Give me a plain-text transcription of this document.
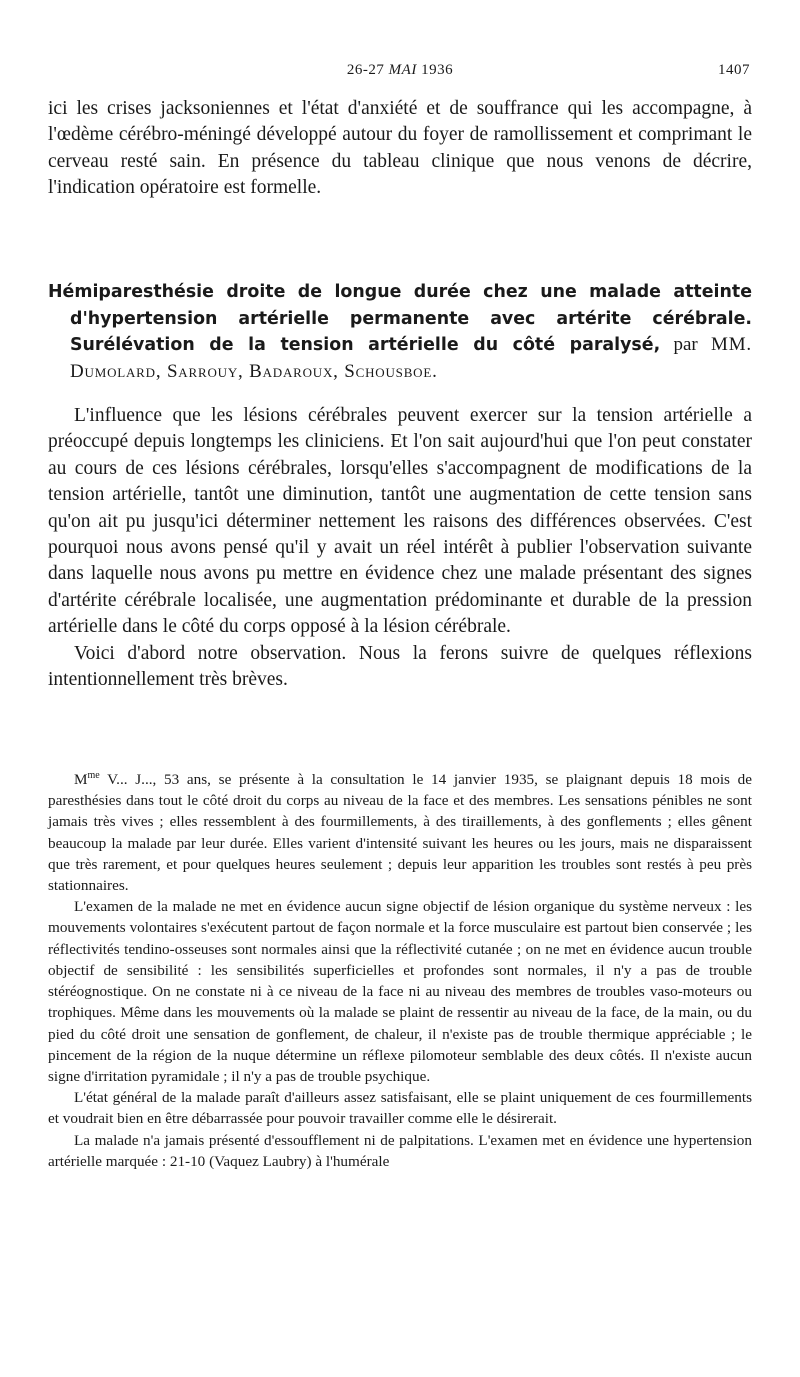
26-27 MAI 1936	1407

ici les crises jacksoniennes et l'état d'anxiété et de souffrance qui les accompagne, à l'œdème cérébro-méningé développé autour du foyer de ramollissement et comprimant le cerveau resté sain. En présence du tableau clinique que nous venons de décrire, l'indication opératoire est formelle.

Hémiparesthésie droite de longue durée chez une malade atteinte d'hypertension artérielle permanente avec artérite cérébrale. Surélévation de la tension artérielle du côté paralysé, par MM. Dumolard, Sarrouy, Badaroux, Schousboe.

L'influence que les lésions cérébrales peuvent exercer sur la tension artérielle a préoccupé depuis longtemps les cliniciens. Et l'on sait aujourd'hui que l'on peut constater au cours de ces lésions cérébrales, lorsqu'elles s'accompagnent de modifications de la tension artérielle, tantôt une diminution, tantôt une augmentation de cette tension sans qu'on ait pu jusqu'ici déterminer nettement les raisons des différences observées. C'est pourquoi nous avons pensé qu'il y avait un réel intérêt à publier l'observation suivante dans laquelle nous avons pu mettre en évidence chez une malade présentant des signes d'artérite cérébrale localisée, une augmentation prédominante et durable de la pression artérielle dans le côté du corps opposé à la lésion cérébrale.

Voici d'abord notre observation. Nous la ferons suivre de quelques réflexions intentionnellement très brèves.

$M^{me}$ V... J..., 53 ans, se présente à la consultation le 14 janvier 1935, se plaignant depuis 18 mois de paresthésies dans tout le côté droit du corps au niveau de la face et des membres. Les sensations pénibles ne sont jamais très vives ; elles ressemblent à des fourmillements, à des tiraillements, à des gonflements ; elles gênent beaucoup la malade par leur durée. Elles varient d'intensité suivant les heures ou les jours, mais ne disparaissent que très rarement, et pour quelques heures seulement ; depuis leur apparition les troubles sont restés à peu près stationnaires.

L'examen de la malade ne met en évidence aucun signe objectif de lésion organique du système nerveux : les mouvements volontaires s'exécutent partout de façon normale et la force musculaire est partout bien conservée ; les réflectivités tendino-osseuses sont normales ainsi que la réflectivité cutanée ; on ne met en évidence aucun trouble objectif de sensibilité : les sensibilités superficielles et profondes sont normales, il n'y a pas de trouble stéréognostique. On ne constate ni à ce niveau de la face ni au niveau des membres de troubles vaso-moteurs ou trophiques. Même dans les mouvements où la malade se plaint de ressentir au niveau de la face, de la main, ou du pied du côté droit une sensation de gonflement, de chaleur, il n'existe pas de trouble thermique appréciable ; le pincement de la région de la nuque détermine un réflexe pilomoteur semblable des deux côtés. Il n'existe aucun signe d'irritation pyramidale ; il n'y a pas de trouble psychique.

L'état général de la malade paraît d'ailleurs assez satisfaisant, elle se plaint uniquement de ces fourmillements et voudrait bien en être débarrassée pour pouvoir travailler comme elle le désirerait.

La malade n'a jamais présenté d'essoufflement ni de palpitations. L'examen met en évidence une hypertension artérielle marquée : 21-10 (Vaquez Laubry) à l'humérale
